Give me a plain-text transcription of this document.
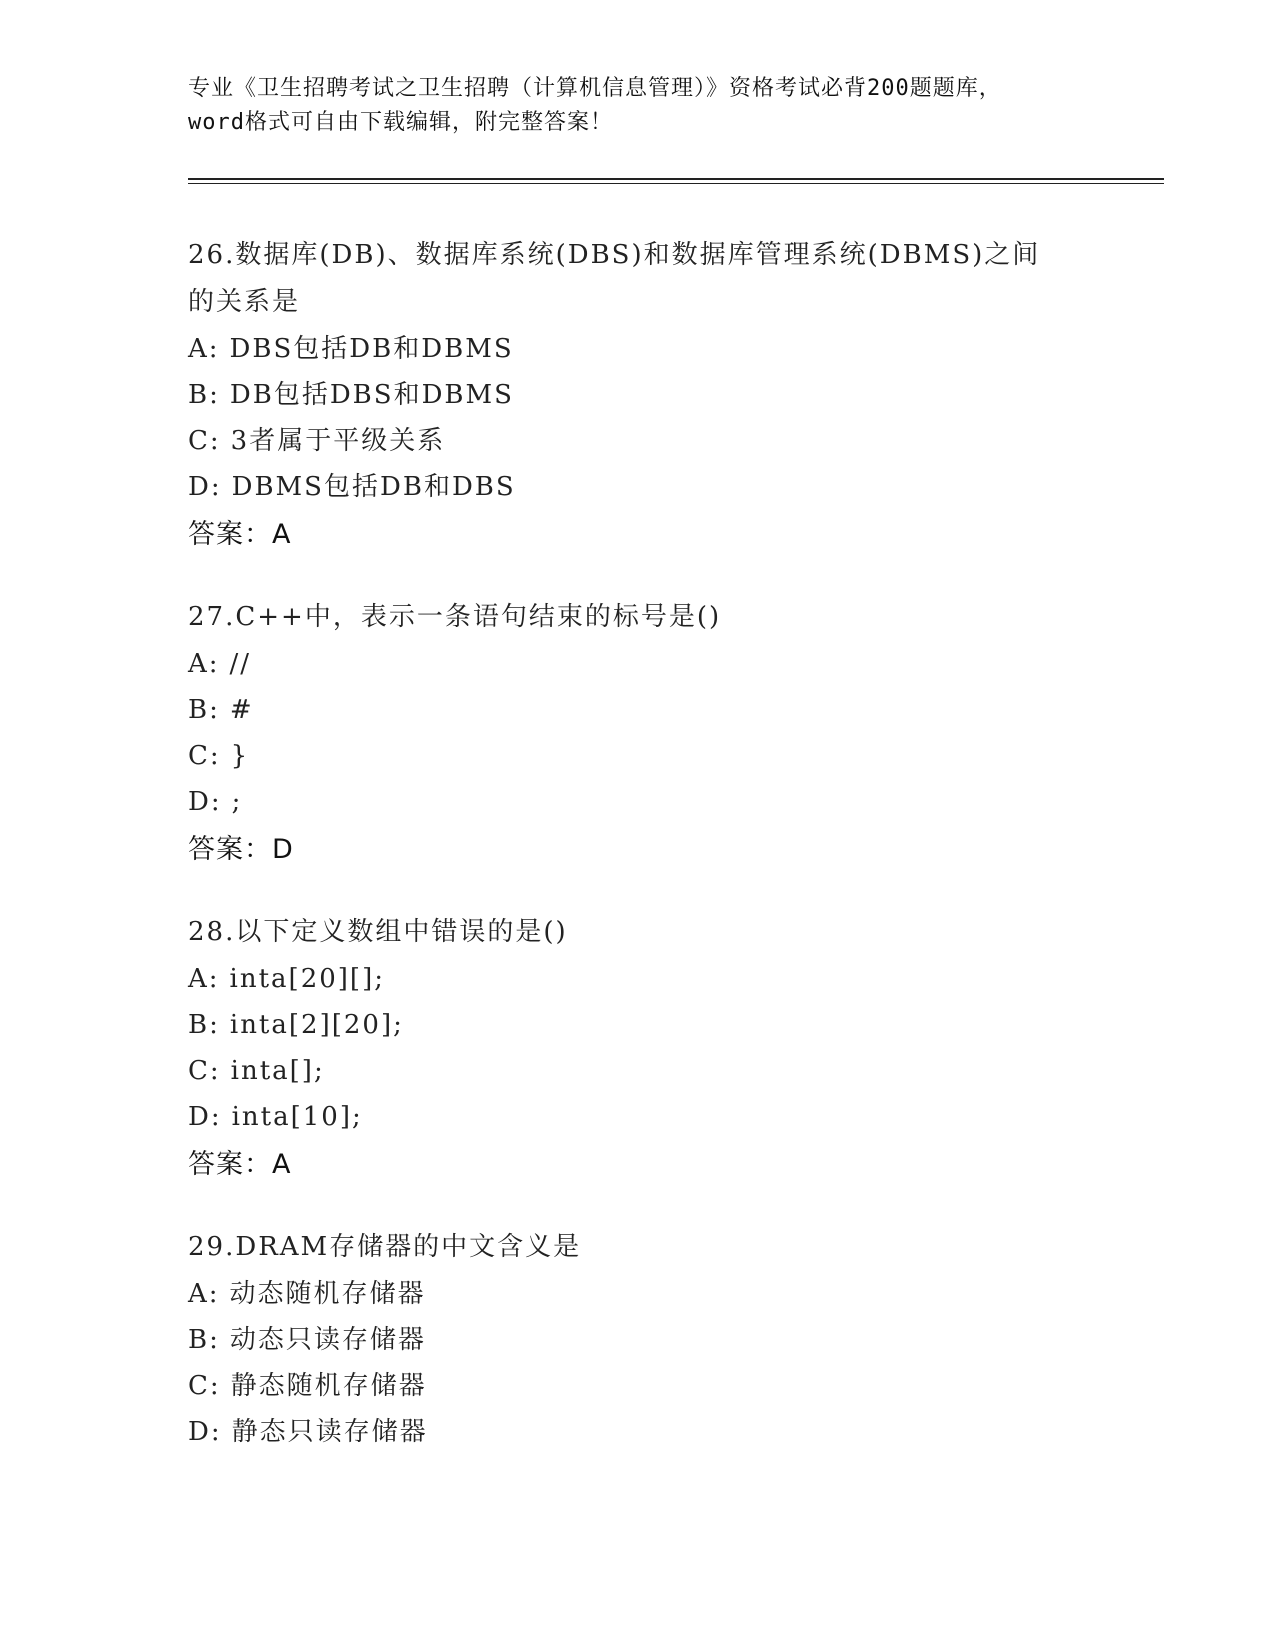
专业《卫生招聘考试之卫生招聘（计算机信息管理）》资格考试必背200题题库，
word格式可自由下载编辑，附完整答案！
26.数据库(DB)、数据库系统(DBS)和数据库管理系统(DBMS)之间的关系是
A: DBS包括DB和DBMS
B: DB包括DBS和DBMS
C: 3者属于平级关系
D: DBMS包括DB和DBS
答案：A
27.C++中，表示一条语句结束的标号是()
A: //
B: #
C: }
D: ;
答案：D
28.以下定义数组中错误的是()
A: inta[20][];
B: inta[2][20];
C: inta[];
D: inta[10];
答案：A
29.DRAM存储器的中文含义是
A: 动态随机存储器
B: 动态只读存储器
C: 静态随机存储器
D: 静态只读存储器
